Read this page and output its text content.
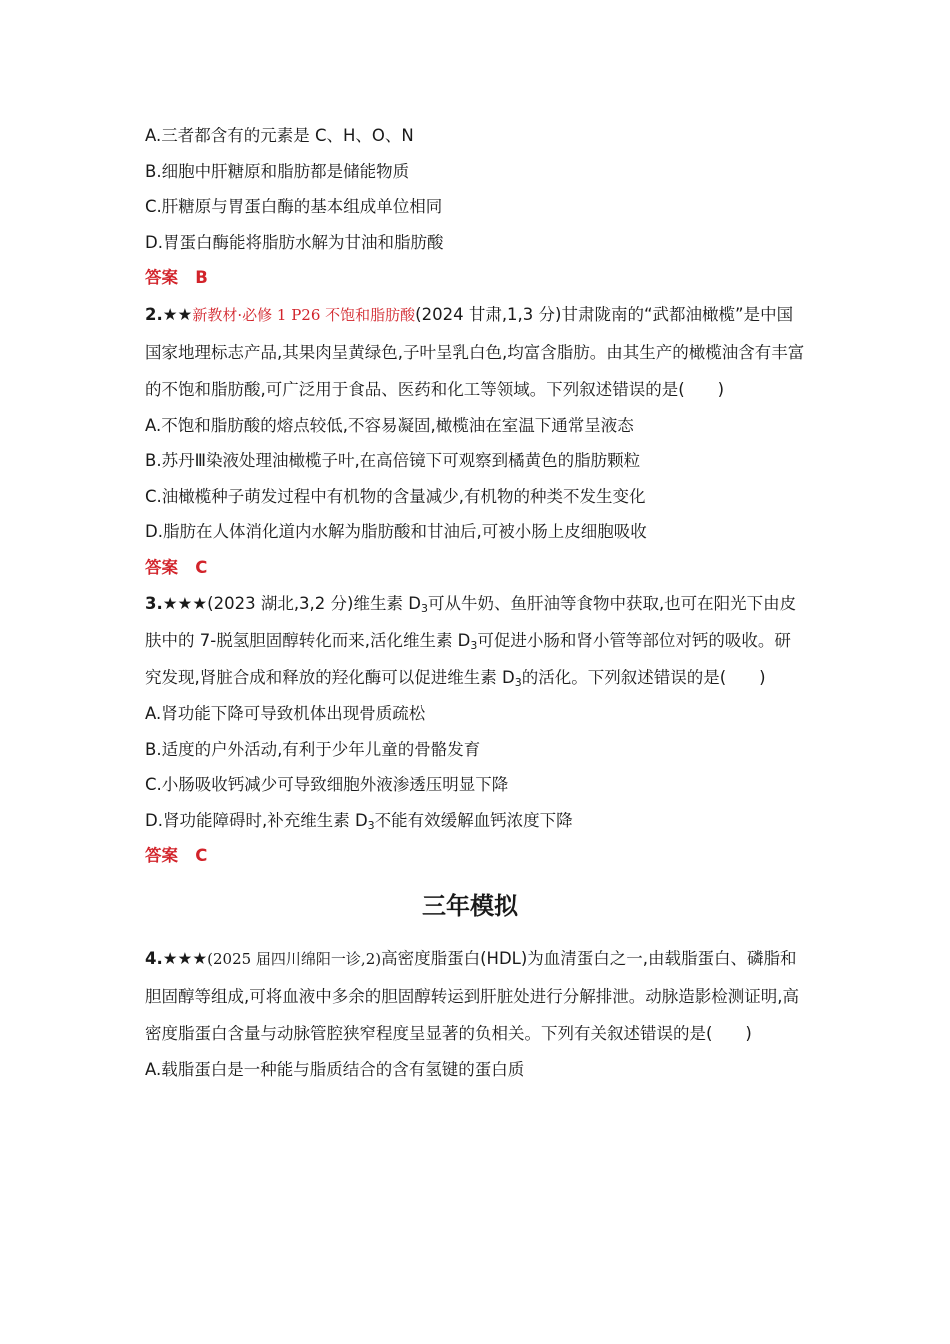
A.三者都含有的元素是 C、H、O、N

B.细胞中肝糖原和脂肪都是储能物质

C.肝糖原与胃蛋白酶的基本组成单位相同

D.胃蛋白酶能将脂肪水解为甘油和脂肪酸

答案 B

2.★★新教材·必修 1 P26 不饱和脂肪酸(2024 甘肃,1,3 分)甘肃陇南的“武都油橄榄”是中国国家地理标志产品,其果肉呈黄绿色,子叶呈乳白色,均富含脂肪。由其生产的橄榄油含有丰富的不饱和脂肪酸,可广泛用于食品、医药和化工等领域。下列叙述错误的是(　　)

A.不饱和脂肪酸的熔点较低,不容易凝固,橄榄油在室温下通常呈液态

B.苏丹Ⅲ染液处理油橄榄子叶,在高倍镜下可观察到橘黄色的脂肪颗粒

C.油橄榄种子萌发过程中有机物的含量减少,有机物的种类不发生变化

D.脂肪在人体消化道内水解为脂肪酸和甘油后,可被小肠上皮细胞吸收

答案 C

3.★★★(2023 湖北,3,2 分)维生素 $D_3$可从牛奶、鱼肝油等食物中获取,也可在阳光下由皮肤中的 7-脱氢胆固醇转化而来,活化维生素 $D_3$可促进小肠和肾小管等部位对钙的吸收。研究发现,肾脏合成和释放的羟化酶可以促进维生素 $D_3$的活化。下列叙述错误的是(　　)

A.肾功能下降可导致机体出现骨质疏松

B.适度的户外活动,有利于少年儿童的骨骼发育

C.小肠吸收钙减少可导致细胞外液渗透压明显下降

D.肾功能障碍时,补充维生素 $D_3$不能有效缓解血钙浓度下降

答案 C

三年模拟

4.★★★(2025 届四川绵阳一诊,2)高密度脂蛋白(HDL)为血清蛋白之一,由载脂蛋白、磷脂和胆固醇等组成,可将血液中多余的胆固醇转运到肝脏处进行分解排泄。动脉造影检测证明,高密度脂蛋白含量与动脉管腔狭窄程度呈显著的负相关。下列有关叙述错误的是(　　)

A.载脂蛋白是一种能与脂质结合的含有氢键的蛋白质
